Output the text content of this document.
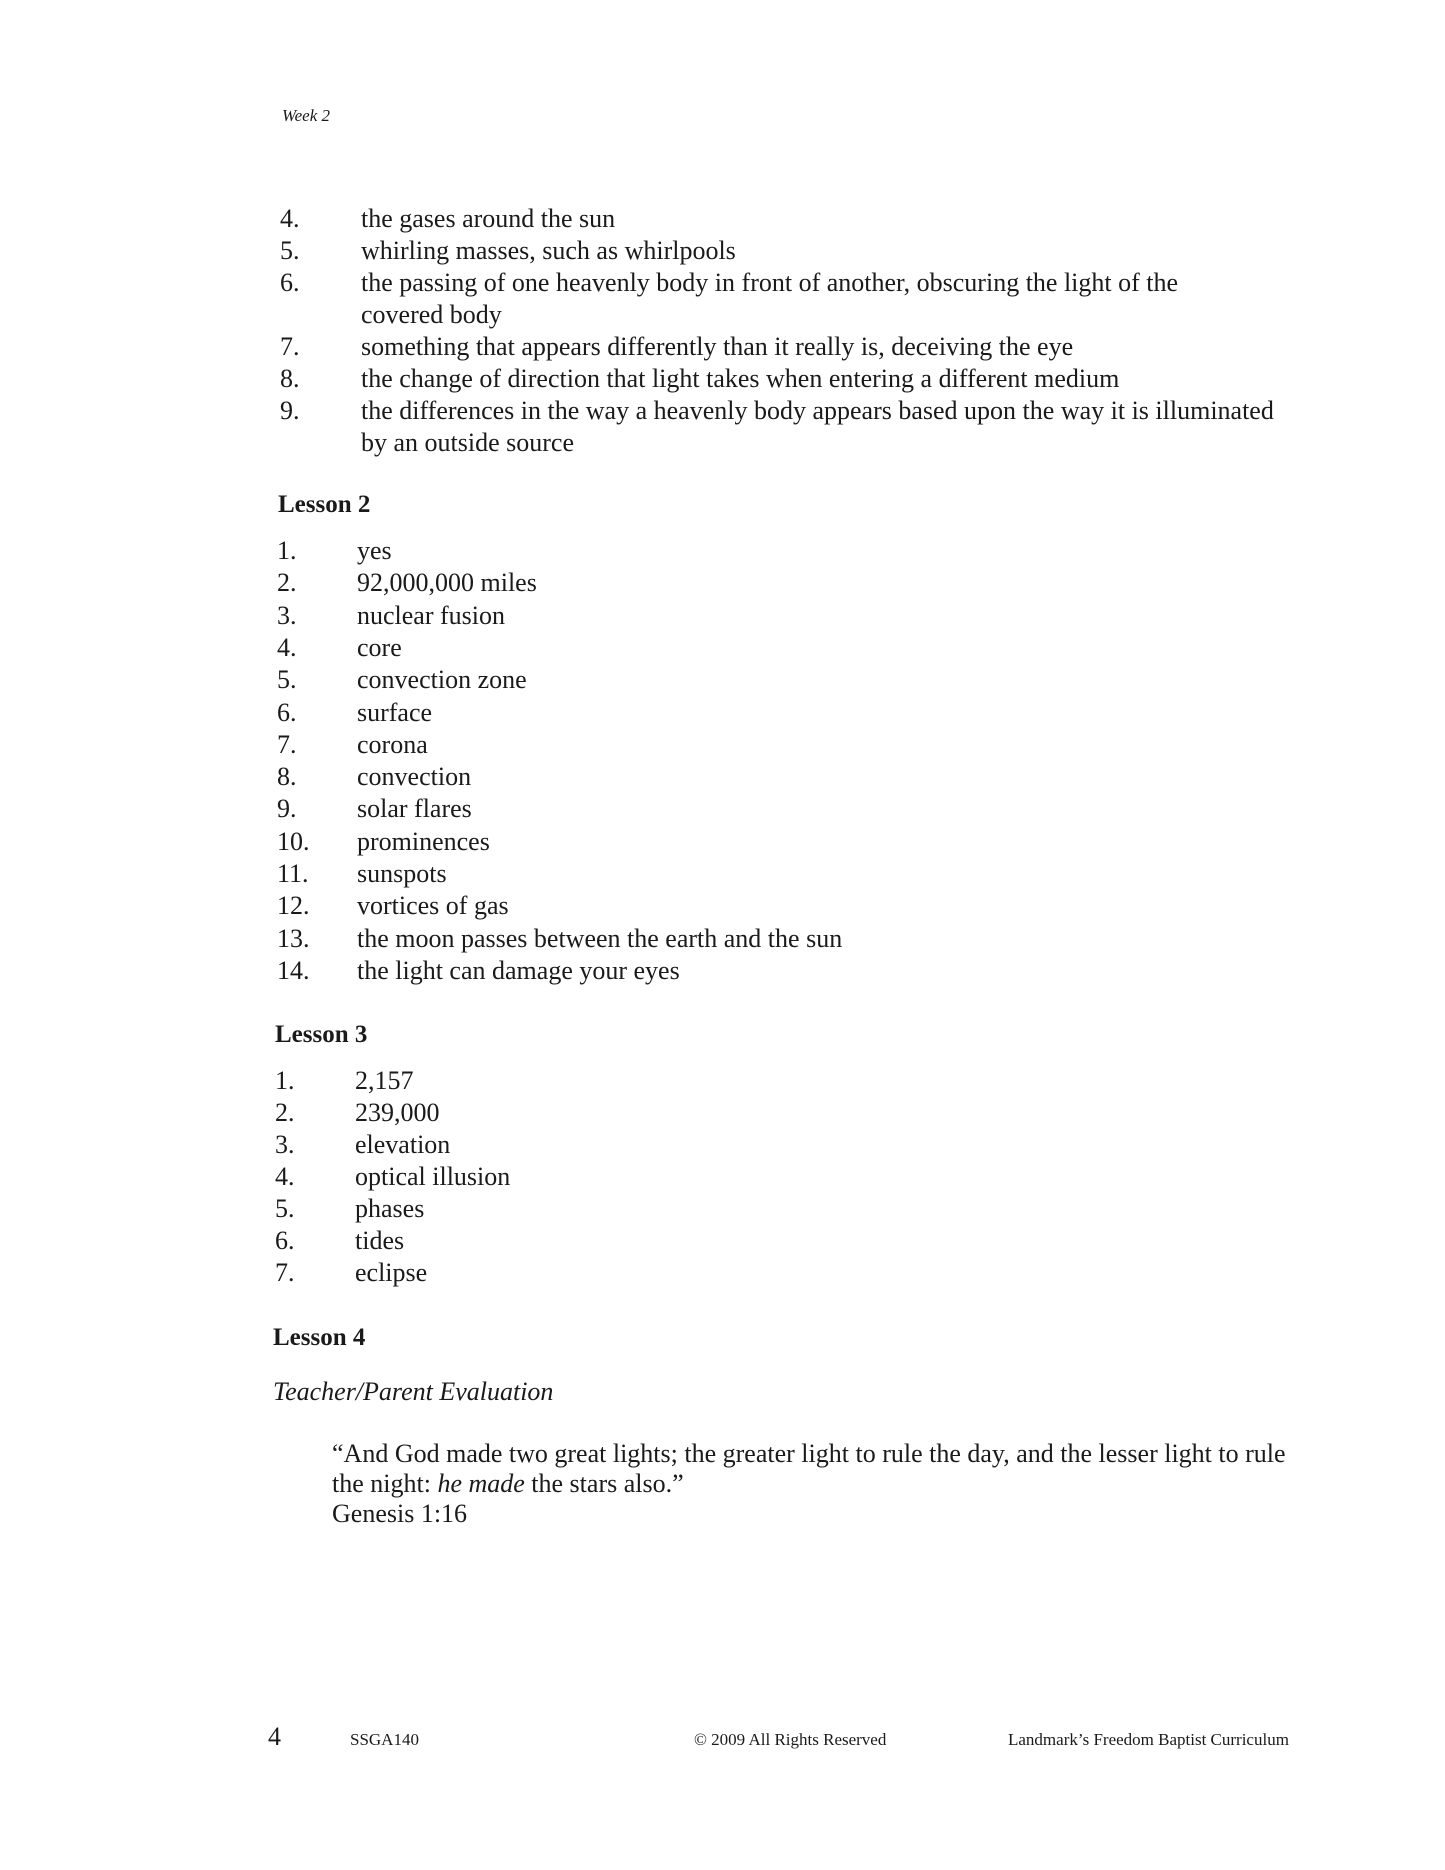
Week 2
4. the gases around the sun
5. whirling masses, such as whirlpools
6. the passing of one heavenly body in front of another, obscuring the light of the
covered body
7. something that appears differently than it really is, deceiving the eye
8. the change of direction that light takes when entering a different medium
9. the differences in the way a heavenly body appears based upon the way it is illuminated
by an outside source
Lesson 2
1. yes
2. 92,000,000 miles
3. nuclear fusion
4. core
5. convection zone
6. surface
7. corona
8. convection
9. solar flares
10. prominences
11. sunspots
12. vortices of gas
13. the moon passes between the earth and the sun
14. the light can damage your eyes
Lesson 3
1. 2,157
2. 239,000
3. elevation
4. optical illusion
5. phases
6. tides
7. eclipse
Lesson 4
Teacher/Parent Evaluation
“And God made two great lights; the greater light to rule the day, and the lesser light to rule
the night: he made the stars also.”
Genesis 1:16
4	SSGA140	© 2009 All Rights Reserved	Landmark’s Freedom Baptist Curriculum
